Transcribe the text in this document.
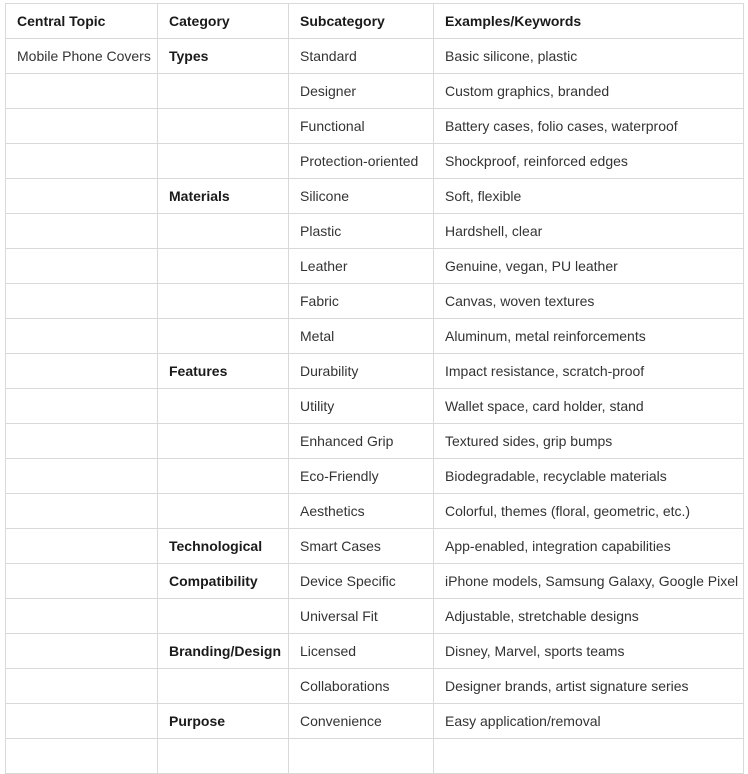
Central Topic	Category	Subcategory	Examples/Keywords
Mobile Phone Covers	Types	Standard	Basic silicone, plastic
		Designer	Custom graphics, branded
		Functional	Battery cases, folio cases, waterproof
		Protection-oriented	Shockproof, reinforced edges
	Materials	Silicone	Soft, flexible
		Plastic	Hardshell, clear
		Leather	Genuine, vegan, PU leather
		Fabric	Canvas, woven textures
		Metal	Aluminum, metal reinforcements
	Features	Durability	Impact resistance, scratch-proof
		Utility	Wallet space, card holder, stand
		Enhanced Grip	Textured sides, grip bumps
		Eco-Friendly	Biodegradable, recyclable materials
		Aesthetics	Colorful, themes (floral, geometric, etc.)
	Technological	Smart Cases	App-enabled, integration capabilities
	Compatibility	Device Specific	iPhone models, Samsung Galaxy, Google Pixel
		Universal Fit	Adjustable, stretchable designs
	Branding/Design	Licensed	Disney, Marvel, sports teams
		Collaborations	Designer brands, artist signature series
	Purpose	Convenience	Easy application/removal
